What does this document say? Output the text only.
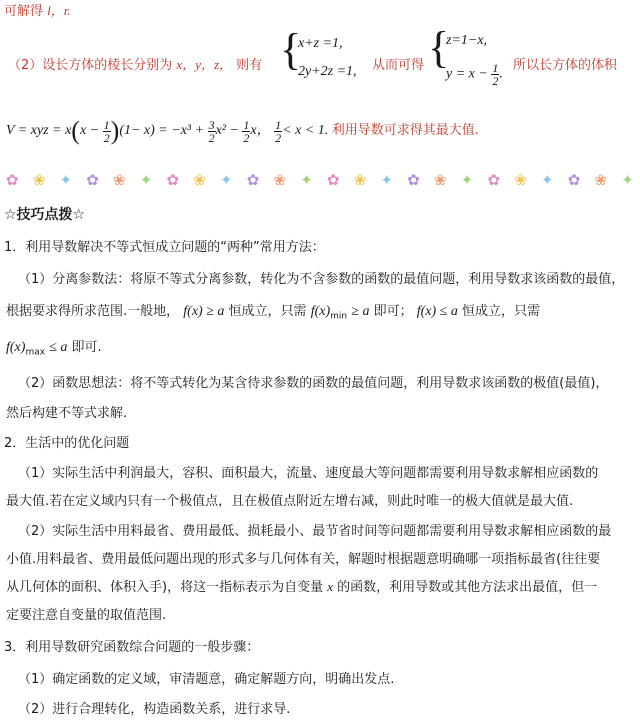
可解得 l，r.
（2）设长方体的棱长分别为 x，y，z， 则有 {
x+z =1,
2y+2z =1, 从而可得 {
z=1−x,
$y = x - \frac{1}{2}$ .
所以长方体的体积
V = xyz = $x(x - \frac{1}{2} )(1- x) = -x^3 + \frac{3}{2} x^2 - \frac{1}{2}$ x， $\frac{1}{2} < x < 1$. 利用导数可求得其最大值.
✿ ❀ ✦ ✿ ❀ ✦ ✿ ❀ ✦ ✿ ❀ ✦ ✿ ❀ ✦ ✿ ❀ ✦ ✿ ❀ ✦ ✿ ❀ ✦
☆技巧点拨☆
1．利用导数解决不等式恒成立问题的“两种”常用方法：
（1）分离参数法：将原不等式分离参数，转化为不含参数的函数的最值问题，利用导数求该函数的最值，
根据要求得所求范围.一般地， f(x) ≥ a 恒成立，只需 $f(x)_{min} \ge a$ 即可； f(x) ≤ a 恒成立，只需
$f(x)_{max} \le a$ 即可.
（2）函数思想法：将不等式转化为某含待求参数的函数的最值问题，利用导数求该函数的极值(最值)，
然后构建不等式求解.
2．生活中的优化问题
（1）实际生活中利润最大，容积、面积最大，流量、速度最大等问题都需要利用导数求解相应函数的
最大值.若在定义域内只有一个极值点，且在极值点附近左增右减，则此时唯一的极大值就是最大值.
（2）实际生活中用料最省、费用最低、损耗最小、最节省时间等问题都需要利用导数求解相应函数的最
小值.用料最省、费用最低问题出现的形式多与几何体有关，解题时根据题意明确哪一项指标最省(往往要
从几何体的面积、体积入手)，将这一指标表示为自变量 x 的函数，利用导数或其他方法求出最值，但一
定要注意自变量的取值范围.
3．利用导数研究函数综合问题的一般步骤：
（1）确定函数的定义域，审清题意，确定解题方向，明确出发点.
（2）进行合理转化，构造函数关系，进行求导.
